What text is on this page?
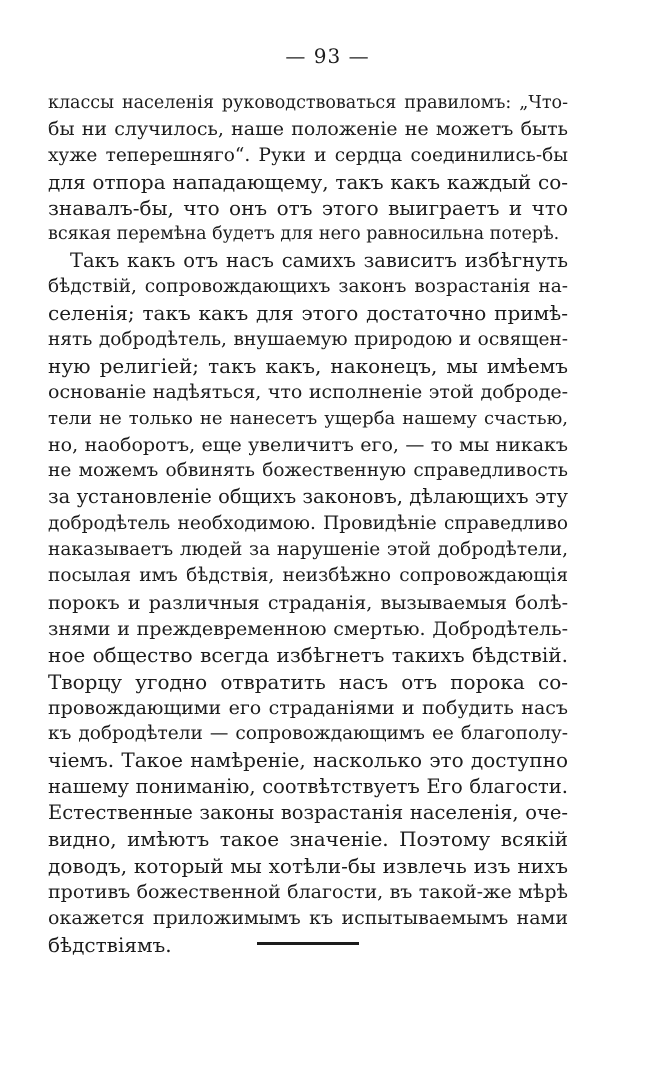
— 93 —
классы населенія руководствоваться правиломъ: „Что-
бы ни случилось, наше положеніе не можетъ быть
хуже теперешняго“. Руки и сердца соединились-бы
для отпора нападающему, такъ какъ каждый со-
знавалъ-бы, что онъ отъ этого выиграетъ и что
всякая перемѣна будетъ для него равносильна потерѣ.
Такъ какъ отъ насъ самихъ зависитъ избѣгнуть
бѣдствій, сопровождающихъ законъ возрастанія на-
селенія; такъ какъ для этого достаточно примѣ-
нять добродѣтель, внушаемую природою и освящен-
ную религіей; такъ какъ, наконецъ, мы имѣемъ
основаніе надѣяться, что исполненіе этой доброде-
тели не только не нанесетъ ущерба нашему счастью,
но, наоборотъ, еще увеличитъ его, — то мы никакъ
не можемъ обвинять божественную справедливость
за установленіе общихъ законовъ, дѣлающихъ эту
добродѣтель необходимою. Провидѣніе справедливо
наказываетъ людей за нарушеніе этой добродѣтели,
посылая имъ бѣдствія, неизбѣжно сопровождающія
порокъ и различныя страданія, вызываемыя болѣ-
знями и преждевременною смертью. Добродѣтель-
ное общество всегда избѣгнетъ такихъ бѣдствій.
Творцу угодно отвратить насъ отъ порока со-
провождающими его страданіями и побудить насъ
къ добродѣтели — сопровождающимъ ее благополу-
чіемъ. Такое намѣреніе, насколько это доступно
нашему пониманію, соотвѣтствуетъ Его благости.
Естественные законы возрастанія населенія, оче-
видно, имѣютъ такое значеніе. Поэтому всякій
доводъ, который мы хотѣли-бы извлечь изъ нихъ
противъ божественной благости, въ такой-же мѣрѣ
окажется приложимымъ къ испытываемымъ нами
бѣдствіямъ.
